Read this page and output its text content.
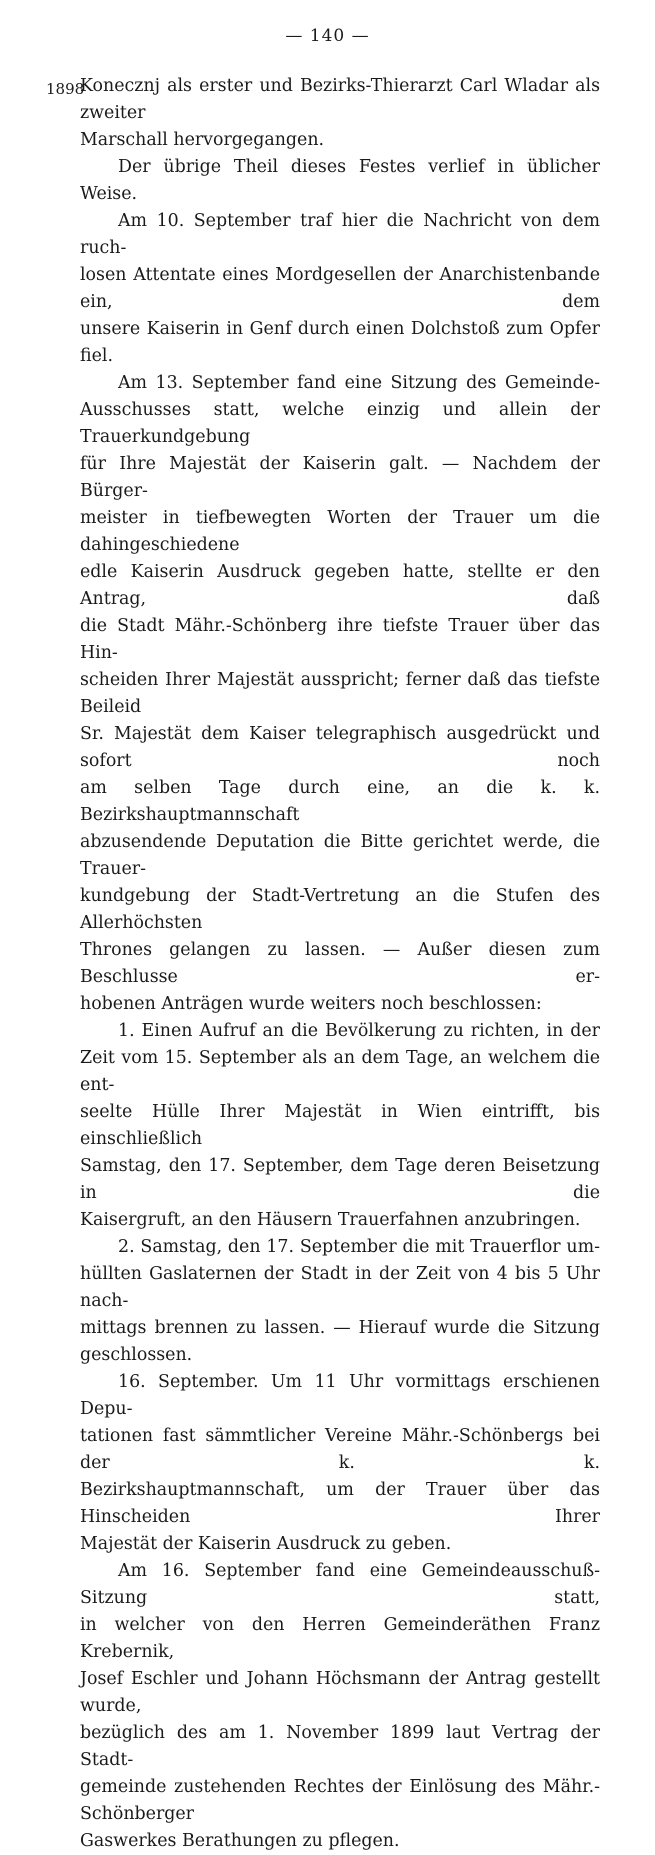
— 140 —
1898

Konecznj als erster und Bezirks-Thierarzt Carl Wladar als zweiter

Marschall hervorgegangen.

Der übrige Theil dieses Festes verlief in üblicher Weise.

Am 10. September traf hier die Nachricht von dem ruch-

losen Attentate eines Mordgesellen der Anarchistenbande ein, dem

unsere Kaiserin in Genf durch einen Dolchstoß zum Opfer fiel.

Am 13. September fand eine Sitzung des Gemeinde-

Ausschusses statt, welche einzig und allein der Trauerkundgebung

für Ihre Majestät der Kaiserin galt. — Nachdem der Bürger-

meister in tiefbewegten Worten der Trauer um die dahingeschiedene

edle Kaiserin Ausdruck gegeben hatte, stellte er den Antrag, daß

die Stadt Mähr.-Schönberg ihre tiefste Trauer über das Hin-

scheiden Ihrer Majestät ausspricht; ferner daß das tiefste Beileid

Sr. Majestät dem Kaiser telegraphisch ausgedrückt und sofort noch

am selben Tage durch eine, an die k. k. Bezirkshauptmannschaft

abzusendende Deputation die Bitte gerichtet werde, die Trauer-

kundgebung der Stadt-Vertretung an die Stufen des Allerhöchsten

Thrones gelangen zu lassen. — Außer diesen zum Beschlusse er-

hobenen Anträgen wurde weiters noch beschlossen:

1. Einen Aufruf an die Bevölkerung zu richten, in der

Zeit vom 15. September als an dem Tage, an welchem die ent-

seelte Hülle Ihrer Majestät in Wien eintrifft, bis einschließlich

Samstag, den 17. September, dem Tage deren Beisetzung in die

Kaisergruft, an den Häusern Trauerfahnen anzubringen.

2. Samstag, den 17. September die mit Trauerflor um-

hüllten Gaslaternen der Stadt in der Zeit von 4 bis 5 Uhr nach-

mittags brennen zu lassen. — Hierauf wurde die Sitzung geschlossen.

16. September. Um 11 Uhr vormittags erschienen Depu-

tationen fast sämmtlicher Vereine Mähr.-Schönbergs bei der k. k.

Bezirkshauptmannschaft, um der Trauer über das Hinscheiden Ihrer

Majestät der Kaiserin Ausdruck zu geben.

Am 16. September fand eine Gemeindeausschuß-Sitzung statt,

in welcher von den Herren Gemeinderäthen Franz Krebernik,

Josef Eschler und Johann Höchsmann der Antrag gestellt wurde,

bezüglich des am 1. November 1899 laut Vertrag der Stadt-

gemeinde zustehenden Rechtes der Einlösung des Mähr.-Schönberger

Gaswerkes Berathungen zu pflegen.
